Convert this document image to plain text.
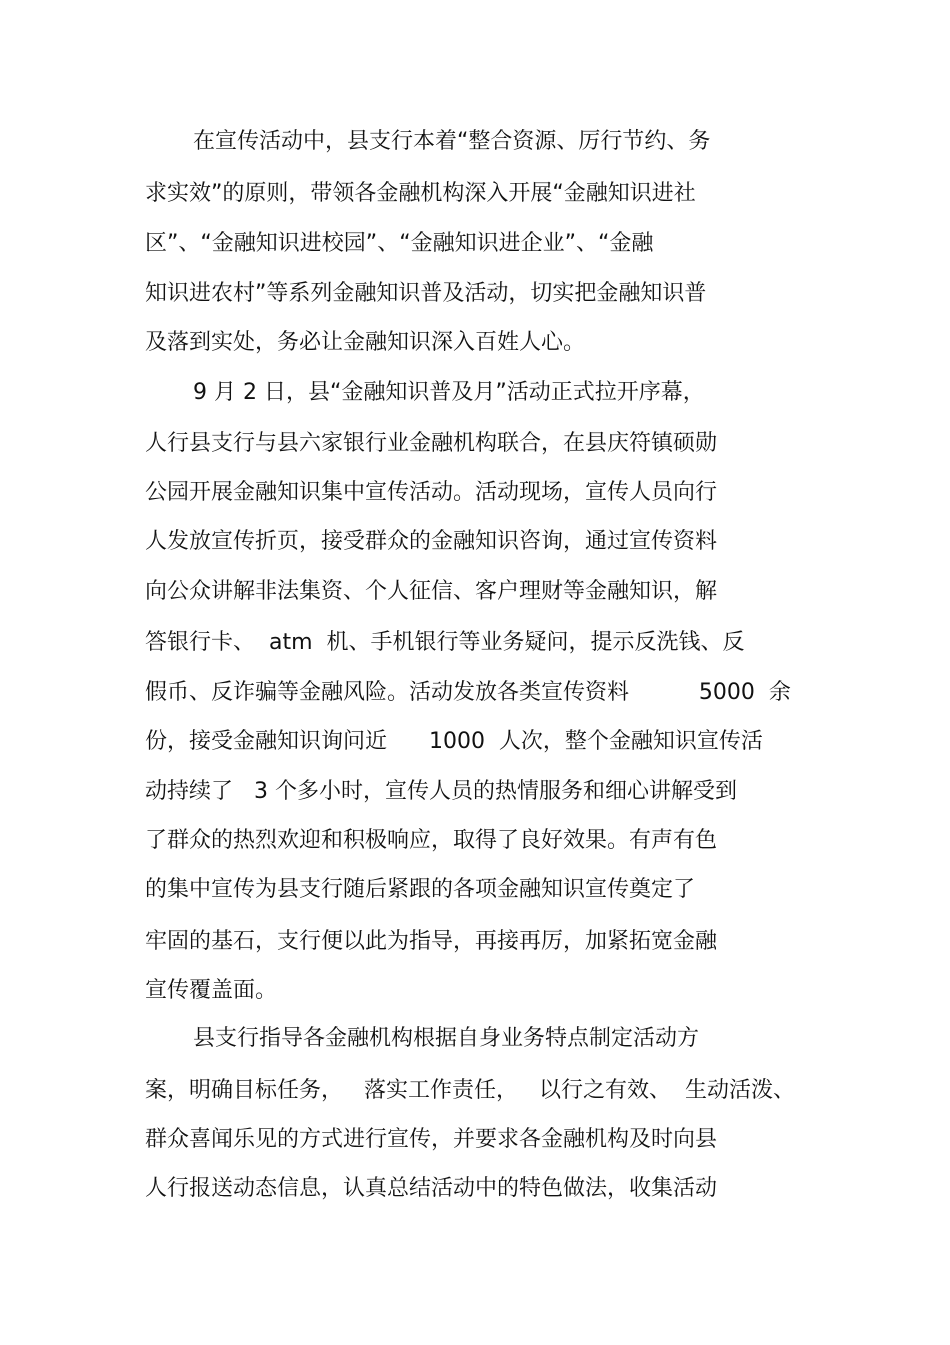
在宣传活动中，县支行本着“整合资源、厉行节约、务
求实效”的原则，带领各金融机构深入开展“金融知识进社
区”、“金融知识进校园”、“金融知识进企业”、“金融
知识进农村”等系列金融知识普及活动，切实把金融知识普
及落到实处，务必让金融知识深入百姓人心。
9 月 2 日，县“金融知识普及月”活动正式拉开序幕，
人行县支行与县六家银行业金融机构联合，在县庆符镇硕勋
公园开展金融知识集中宣传活动。活动现场，宣传人员向行
人发放宣传折页，接受群众的金融知识咨询，通过宣传资料
向公众讲解非法集资、个人征信、客户理财等金融知识，解
答银行卡、  atm  机、手机银行等业务疑问，提示反洗钱、反
假币、反诈骗等金融风险。活动发放各类宣传资料          5000  余
份，接受金融知识询问近      1000  人次，整个金融知识宣传活
动持续了   3 个多小时，宣传人员的热情服务和细心讲解受到
了群众的热烈欢迎和积极响应，取得了良好效果。有声有色
的集中宣传为县支行随后紧跟的各项金融知识宣传奠定了
牢固的基石，支行便以此为指导，再接再厉，加紧拓宽金融
宣传覆盖面。
县支行指导各金融机构根据自身业务特点制定活动方
案，明确目标任务，   落实工作责任，   以行之有效、  生动活泼、
群众喜闻乐见的方式进行宣传，并要求各金融机构及时向县
人行报送动态信息，认真总结活动中的特色做法，收集活动
